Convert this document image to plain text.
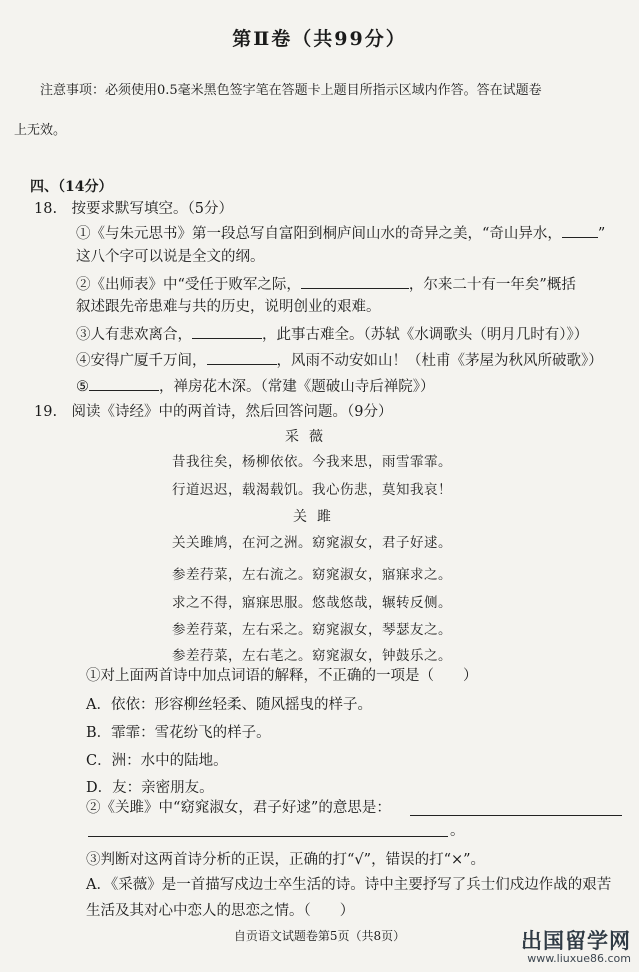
第Ⅱ卷（共99分）
注意事项：必须使用0.5毫米黑色签字笔在答题卡上题目所指示区域内作答。答在试题卷
上无效。
四、（14分）
18.　按要求默写填空。（5分）
①《与朱元思书》第一段总写自富阳到桐庐间山水的奇异之美，“奇山异水， ”
这八个字可以说是全文的纲。
②《出师表》中“受任于败军之际，	，尔来二十有一年矣”概括
叙述跟先帝患难与共的历史，说明创业的艰难。
③人有悲欢离合，	，此事古难全。（苏轼《水调歌头（明月几时有）》）
④安得广厦千万间，	，风雨不动安如山！（杜甫《茅屋为秋风所破歌》）
⑤	，禅房花木深。（常建《题破山寺后禅院》）
19.　阅读《诗经》中的两首诗，然后回答问题。（9分）
采薇
昔我往矣，杨柳依依。今我来思，雨雪霏霏。
行道迟迟，载渴载饥。我心伤悲，莫知我哀！
关雎
关关雎鸠，在河之洲。窈窕淑女，君子好逑。
参差荇菜，左右流之。窈窕淑女，寤寐求之。
求之不得，寤寐思服。悠哉悠哉，辗转反侧。
参差荇菜，左右采之。窈窕淑女，琴瑟友之。
参差荇菜，左右芼之。窈窕淑女，钟鼓乐之。
①对上面两首诗中加点词语的解释，不正确的一项是（　　）
A．依依：形容柳丝轻柔、随风摇曳的样子。
B．霏霏：雪花纷飞的样子。
C．洲：水中的陆地。
D．友：亲密朋友。
②《关雎》中“窈窕淑女，君子好逑”的意思是：
。
③判断对这两首诗分析的正误，正确的打“√”，错误的打“×”。
A．《采薇》是一首描写戍边士卒生活的诗。诗中主要抒写了兵士们戍边作战的艰苦
生活及其对心中恋人的思恋之情。（　　）
自贡语文试题卷第5页（共8页）	出国留学网
www.liuxue86.com
